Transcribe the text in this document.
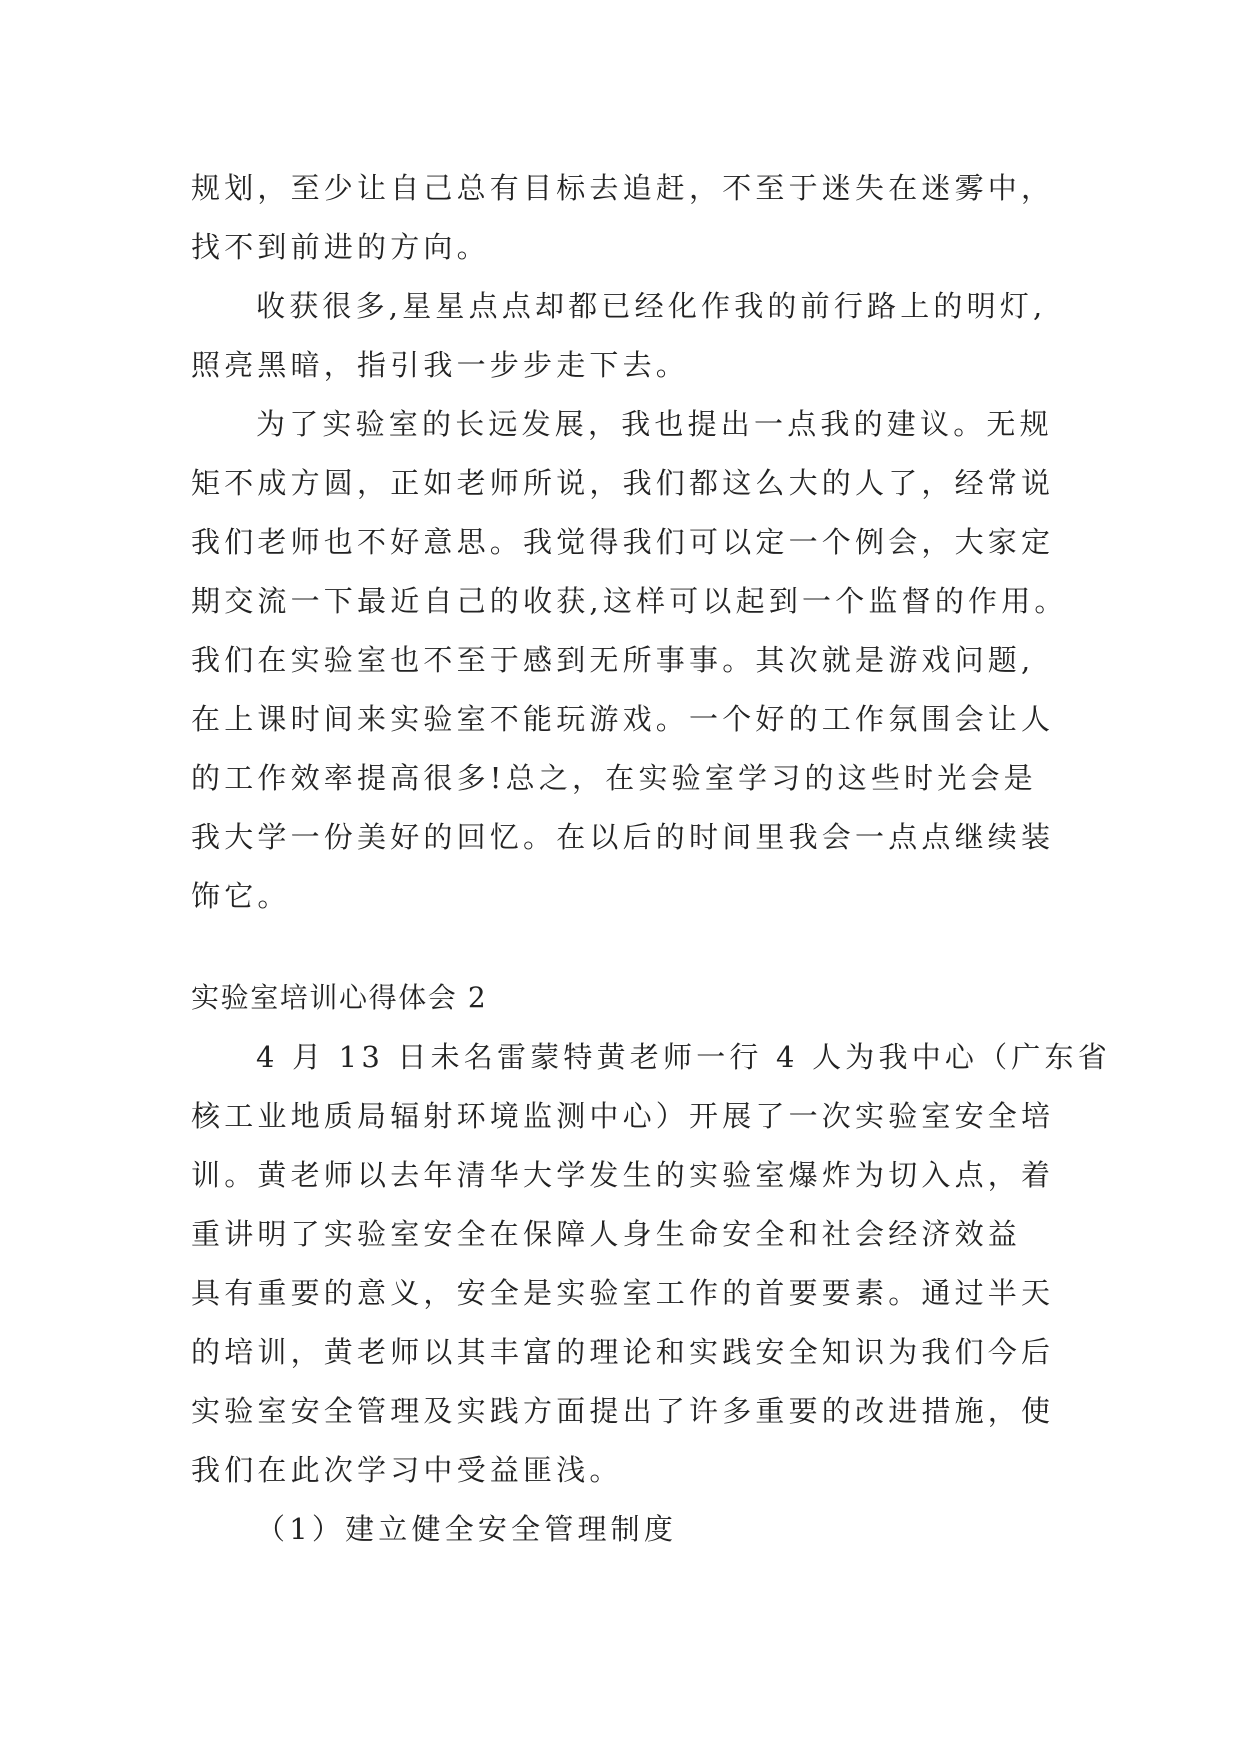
规划，至少让自己总有目标去追赶，不至于迷失在迷雾中，
找不到前进的方向。
收获很多,星星点点却都已经化作我的前行路上的明灯,
照亮黑暗，指引我一步步走下去。
为了实验室的长远发展，我也提出一点我的建议。无规
矩不成方圆，正如老师所说，我们都这么大的人了，经常说
我们老师也不好意思。我觉得我们可以定一个例会，大家定
期交流一下最近自己的收获,这样可以起到一个监督的作用。
我们在实验室也不至于感到无所事事。其次就是游戏问题,
在上课时间来实验室不能玩游戏。一个好的工作氛围会让人
的工作效率提高很多!总之，在实验室学习的这些时光会是
我大学一份美好的回忆。在以后的时间里我会一点点继续装
饰它。
实验室培训心得体会 2
4 月 13 日未名雷蒙特黄老师一行 4 人为我中心（广东省
核工业地质局辐射环境监测中心）开展了一次实验室安全培
训。黄老师以去年清华大学发生的实验室爆炸为切入点，着
重讲明了实验室安全在保障人身生命安全和社会经济效益
具有重要的意义，安全是实验室工作的首要要素。通过半天
的培训，黄老师以其丰富的理论和实践安全知识为我们今后
实验室安全管理及实践方面提出了许多重要的改进措施，使
我们在此次学习中受益匪浅。
（1）建立健全安全管理制度
